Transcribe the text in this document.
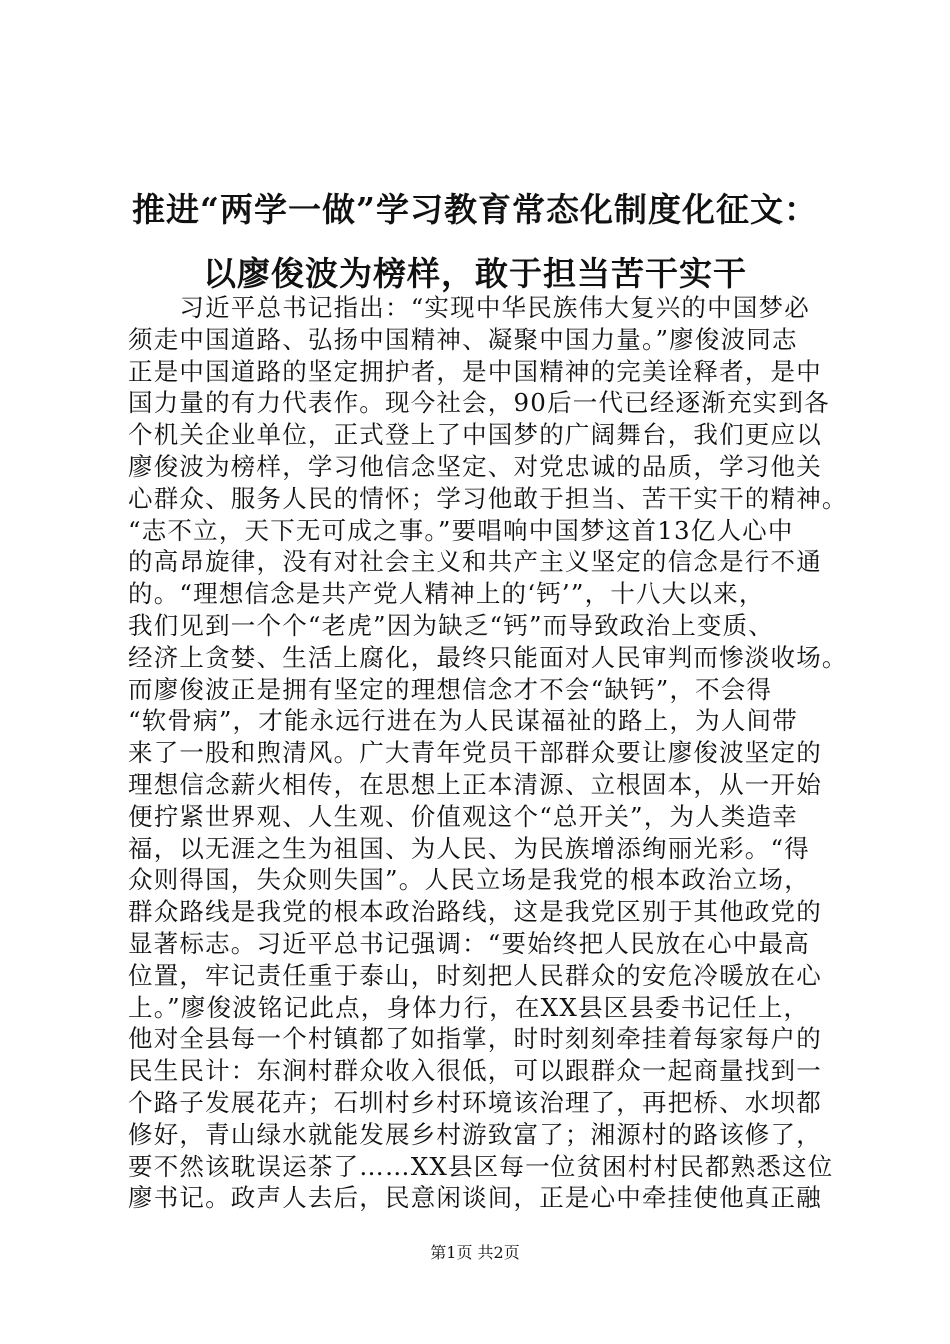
推进“两学一做”学习教育常态化制度化征文：
以廖俊波为榜样，敢于担当苦干实干
　　习近平总书记指出：“实现中华民族伟大复兴的中国梦必
须走中国道路、弘扬中国精神、凝聚中国力量。”廖俊波同志
正是中国道路的坚定拥护者，是中国精神的完美诠释者，是中
国力量的有力代表作。现今社会，90后一代已经逐渐充实到各
个机关企业单位，正式登上了中国梦的广阔舞台，我们更应以
廖俊波为榜样，学习他信念坚定、对党忠诚的品质，学习他关
心群众、服务人民的情怀；学习他敢于担当、苦干实干的精神。
“志不立，天下无可成之事。”要唱响中国梦这首13亿人心中
的高昂旋律，没有对社会主义和共产主义坚定的信念是行不通
的。“理想信念是共产党人精神上的‘钙’”，十八大以来，
我们见到一个个“老虎”因为缺乏“钙”而导致政治上变质、
经济上贪婪、生活上腐化，最终只能面对人民审判而惨淡收场。
而廖俊波正是拥有坚定的理想信念才不会“缺钙”，不会得
“软骨病”，才能永远行进在为人民谋福祉的路上，为人间带
来了一股和煦清风。广大青年党员干部群众要让廖俊波坚定的
理想信念薪火相传，在思想上正本清源、立根固本，从一开始
便拧紧世界观、人生观、价值观这个“总开关”，为人类造幸
福，以无涯之生为祖国、为人民、为民族增添绚丽光彩。“得
众则得国，失众则失国”。人民立场是我党的根本政治立场，
群众路线是我党的根本政治路线，这是我党区别于其他政党的
显著标志。习近平总书记强调：“要始终把人民放在心中最高
位置，牢记责任重于泰山，时刻把人民群众的安危冷暖放在心
上。”廖俊波铭记此点，身体力行，在XX县区县委书记任上，
他对全县每一个村镇都了如指掌，时时刻刻牵挂着每家每户的
民生民计：东涧村群众收入很低，可以跟群众一起商量找到一
个路子发展花卉；石圳村乡村环境该治理了，再把桥、水坝都
修好，青山绿水就能发展乡村游致富了；湘源村的路该修了，
要不然该耽误运茶了……XX县区每一位贫困村村民都熟悉这位
廖书记。政声人去后，民意闲谈间，正是心中牵挂使他真正融
第1页 共2页
